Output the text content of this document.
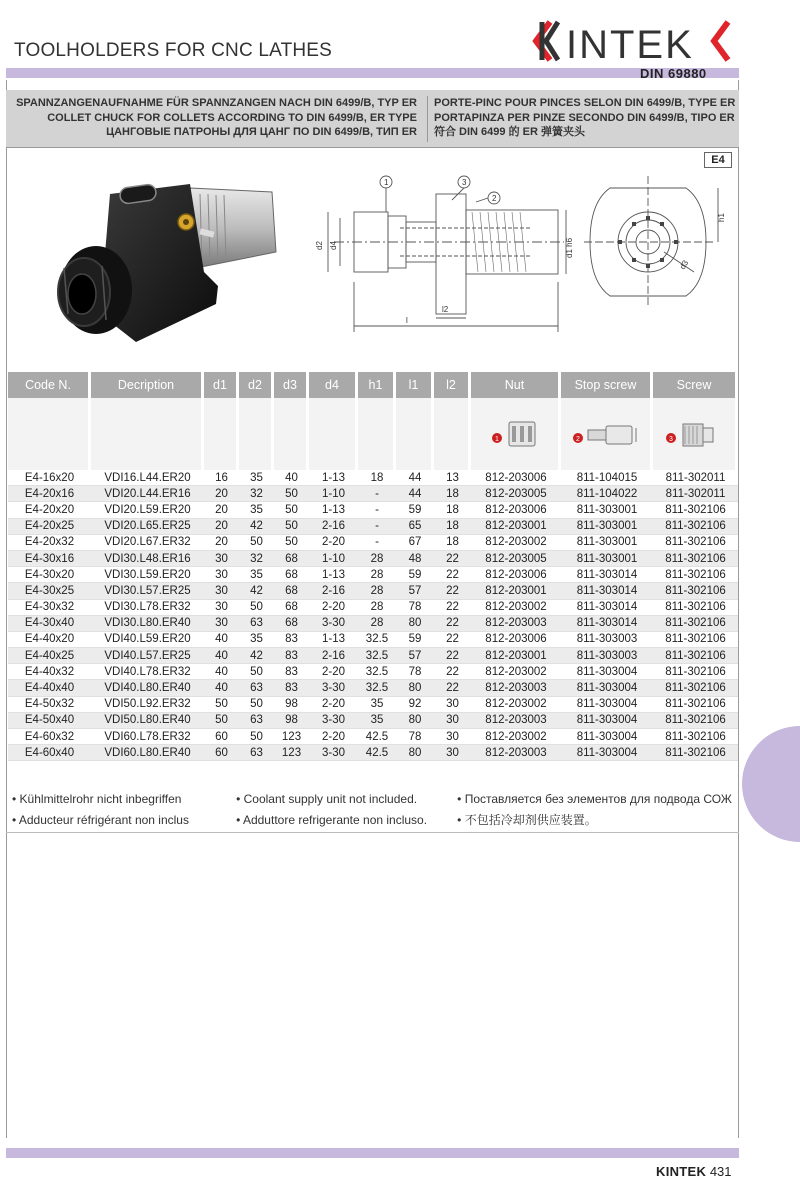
TOOLHOLDERS FOR CNC LATHES	INTEK
DIN 69880
SPANNZANGENAUFNAHME FÜR SPANNZANGEN NACH DIN 6499/B, TYP ER
COLLET CHUCK FOR COLLETS ACCORDING TO DIN 6499/B, ER TYPE
ЦАНГОВЫЕ ПАТРОНЫ ДЛЯ ЦАНГ ПО DIN 6499/B, ТИП ER
PORTE-PINC POUR PINCES SELON DIN 6499/B, TYPE ER
PORTAPINZA PER PINZE SECONDO DIN 6499/B, TIPO ER
符合 DIN 6499 的 ER 弹簧夹头
E4
1	3
2
l2
l
d2 d4	d1 h6
h1
d3
Code N.	Decription	d1	d2	d3	d4	h1	l1	l2	Nut	Stop screw	Screw

1	2	3

E4-16x20	VDI16.L44.ER20	16	35	40	1-13	18	44	13	812-203006	811-104015	811-302011
E4-20x16	VDI20.L44.ER16	20	32	50	1-10	-	44	18	812-203005	811-104022	811-302011
E4-20x20	VDI20.L59.ER20	20	35	50	1-13	-	59	18	812-203006	811-303001	811-302106
E4-20x25	VDI20.L65.ER25	20	42	50	2-16	-	65	18	812-203001	811-303001	811-302106
E4-20x32	VDI20.L67.ER32	20	50	50	2-20	-	67	18	812-203002	811-303001	811-302106
E4-30x16	VDI30.L48.ER16	30	32	68	1-10	28	48	22	812-203005	811-303001	811-302106
E4-30x20	VDI30.L59.ER20	30	35	68	1-13	28	59	22	812-203006	811-303014	811-302106
E4-30x25	VDI30.L57.ER25	30	42	68	2-16	28	57	22	812-203001	811-303014	811-302106
E4-30x32	VDI30.L78.ER32	30	50	68	2-20	28	78	22	812-203002	811-303014	811-302106
E4-30x40	VDI30.L80.ER40	30	63	68	3-30	28	80	22	812-203003	811-303014	811-302106
E4-40x20	VDI40.L59.ER20	40	35	83	1-13	32.5	59	22	812-203006	811-303003	811-302106
E4-40x25	VDI40.L57.ER25	40	42	83	2-16	32.5	57	22	812-203001	811-303003	811-302106
E4-40x32	VDI40.L78.ER32	40	50	83	2-20	32.5	78	22	812-203002	811-303004	811-302106
E4-40x40	VDI40.L80.ER40	40	63	83	3-30	32.5	80	22	812-203003	811-303004	811-302106
E4-50x32	VDI50.L92.ER32	50	50	98	2-20	35	92	30	812-203002	811-303004	811-302106
E4-50x40	VDI50.L80.ER40	50	63	98	3-30	35	80	30	812-203003	811-303004	811-302106
E4-60x32	VDI60.L78.ER32	60	50	123	2-20	42.5	78	30	812-203002	811-303004	811-302106
E4-60x40	VDI60.L80.ER40	60	63	123	3-30	42.5	80	30	812-203003	811-303004	811-302106
• Kühlmittelrohr nicht inbegriffen	• Coolant supply unit not included.	• Поставляется без элементов для подвода СОЖ
• Adducteur réfrigérant non inclus	• Adduttore refrigerante non incluso.	• 不包括冷却剂供应装置。
KINTEK 431
